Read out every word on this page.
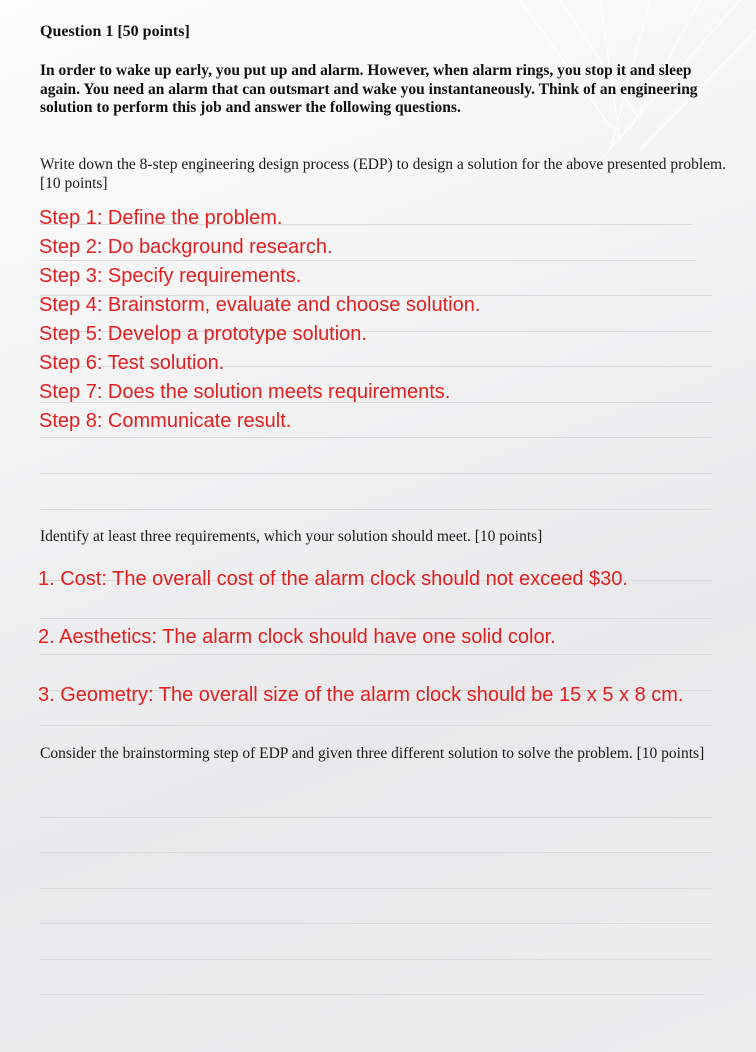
Question 1 [50 points]
In order to wake up early, you put up and alarm. However, when alarm rings, you stop it and sleep again. You need an alarm that can outsmart and wake you instantaneously. Think of an engineering solution to perform this job and answer the following questions.
Write down the 8-step engineering design process (EDP) to design a solution for the above presented problem. [10 points]
Step 1: Define the problem.
Step 2: Do background research.
Step 3: Specify requirements.
Step 4: Brainstorm, evaluate and choose solution.
Step 5: Develop a prototype solution.
Step 6: Test solution.
Step 7: Does the solution meets requirements.
Step 8: Communicate result.
Identify at least three requirements, which your solution should meet. [10 points]
1. Cost: The overall cost of the alarm clock should not exceed $30.
2. Aesthetics: The alarm clock should have one solid color.
3. Geometry: The overall size of the alarm clock should be 15 x 5 x 8 cm.
Consider the brainstorming step of EDP and given three different solution to solve the problem. [10 points]
